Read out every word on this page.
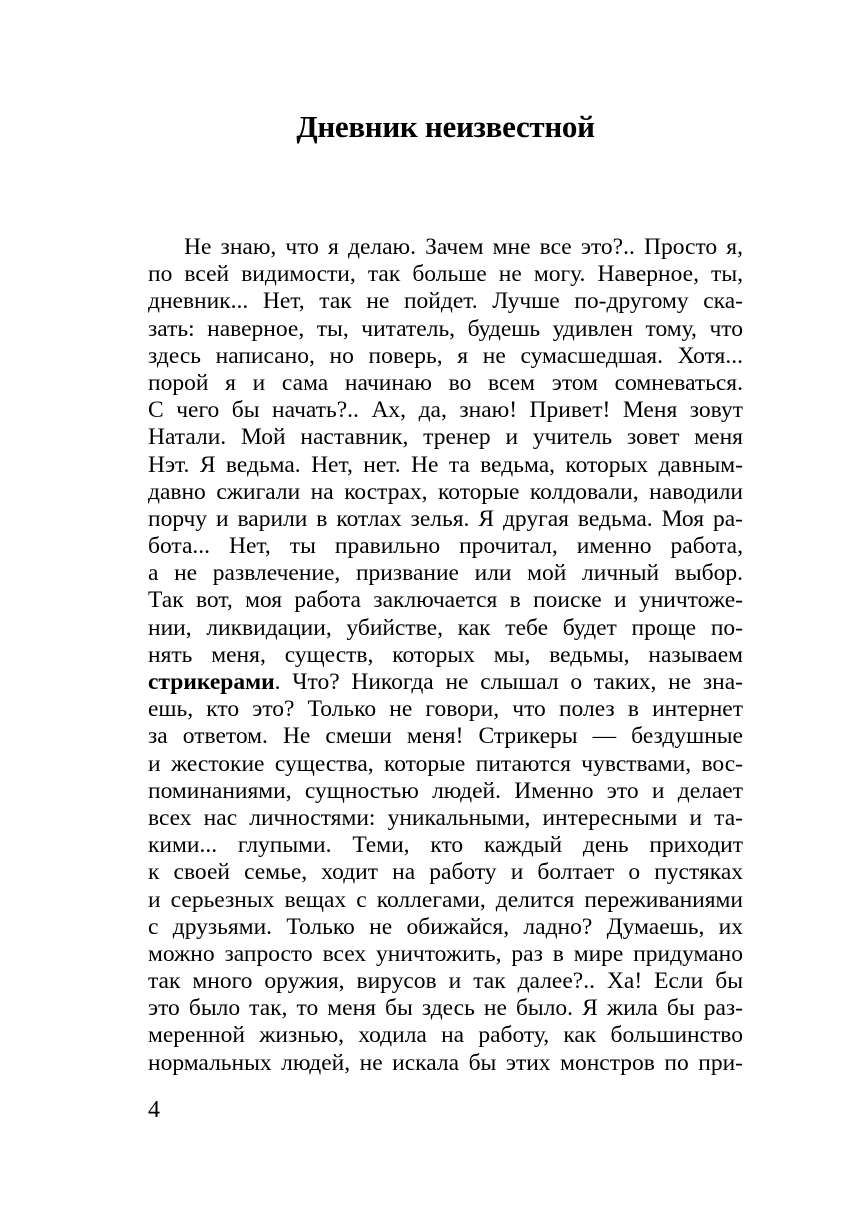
Дневник неизвестной
Не знаю, что я делаю. Зачем мне все это?.. Просто я,
по всей видимости, так больше не могу. Наверное, ты,
дневник... Нет, так не пойдет. Лучше по-другому ска-
зать: наверное, ты, читатель, будешь удивлен тому, что
здесь написано, но поверь, я не сумасшедшая. Хотя...
порой я и сама начинаю во всем этом сомневаться.
С чего бы начать?.. Ах, да, знаю! Привет! Меня зовут
Натали. Мой наставник, тренер и учитель зовет меня
Нэт. Я ведьма. Нет, нет. Не та ведьма, которых давным-
давно сжигали на кострах, которые колдовали, наводили
порчу и варили в котлах зелья. Я другая ведьма. Моя ра-
бота... Нет, ты правильно прочитал, именно работа,
а не развлечение, призвание или мой личный выбор.
Так вот, моя работа заключается в поиске и уничтоже-
нии, ликвидации, убийстве, как тебе будет проще по-
нять меня, существ, которых мы, ведьмы, называем
стрикерами. Что? Никогда не слышал о таких, не зна-
ешь, кто это? Только не говори, что полез в интернет
за ответом. Не смеши меня! Стрикеры — бездушные
и жестокие существа, которые питаются чувствами, вос-
поминаниями, сущностью людей. Именно это и делает
всех нас личностями: уникальными, интересными и та-
кими... глупыми. Теми, кто каждый день приходит
к своей семье, ходит на работу и болтает о пустяках
и серьезных вещах с коллегами, делится переживаниями
с друзьями. Только не обижайся, ладно? Думаешь, их
можно запросто всех уничтожить, раз в мире придумано
так много оружия, вирусов и так далее?.. Ха! Если бы
это было так, то меня бы здесь не было. Я жила бы раз-
меренной жизнью, ходила на работу, как большинство
нормальных людей, не искала бы этих монстров по при-
4
